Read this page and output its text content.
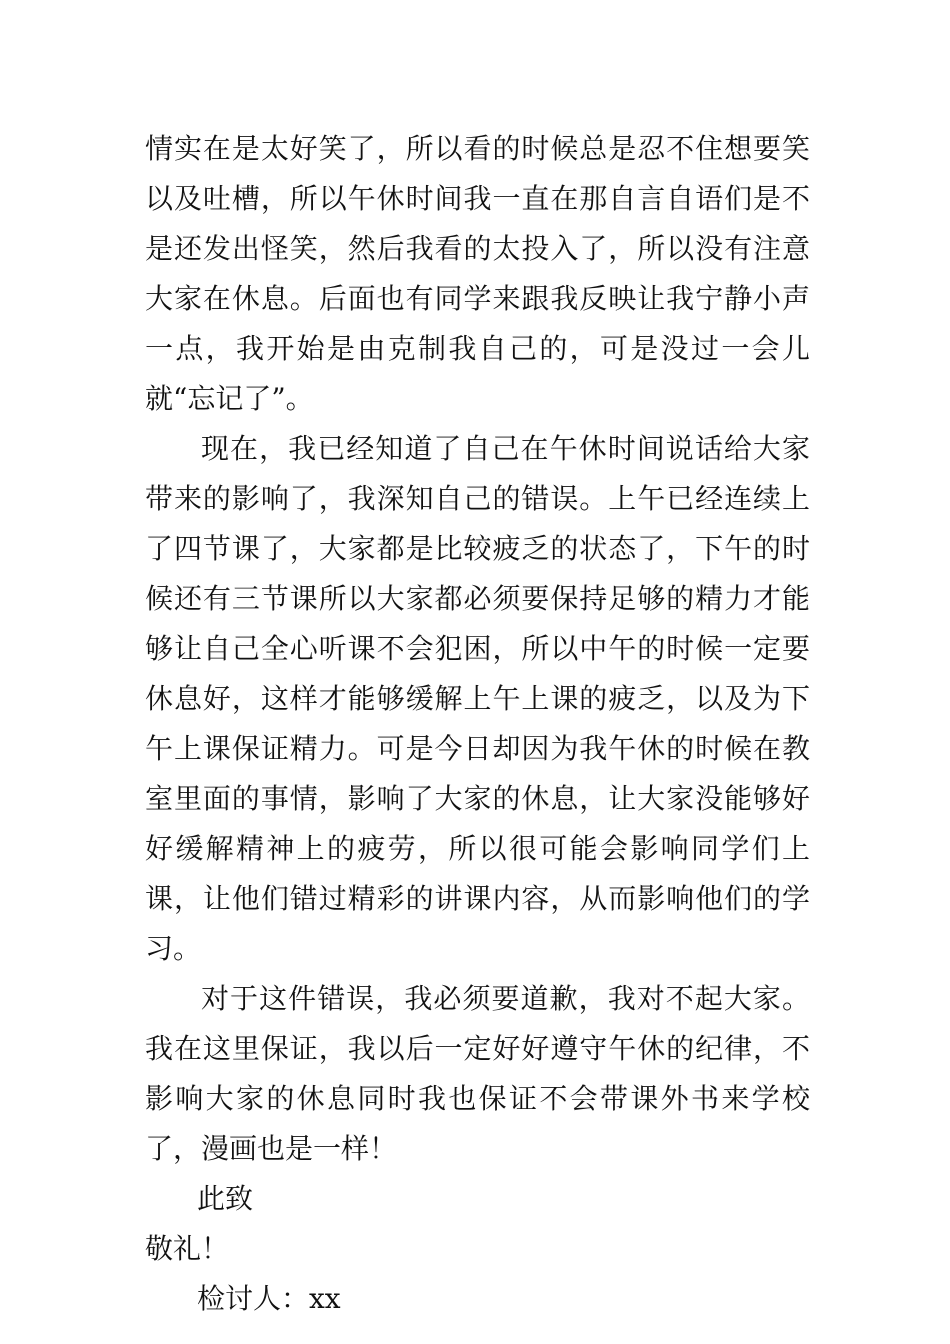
情实在是太好笑了，所以看的时候总是忍不住想要笑以及吐槽，所以午休时间我一直在那自言自语们是不是还发出怪笑，然后我看的太投入了，所以没有注意大家在休息。后面也有同学来跟我反映让我宁静小声一点，我开始是由克制我自己的，可是没过一会儿就“忘记了”。

现在，我已经知道了自己在午休时间说话给大家带来的影响了，我深知自己的错误。上午已经连续上了四节课了，大家都是比较疲乏的状态了，下午的时候还有三节课所以大家都必须要保持足够的精力才能够让自己全心听课不会犯困，所以中午的时候一定要休息好，这样才能够缓解上午上课的疲乏，以及为下午上课保证精力。可是今日却因为我午休的时候在教室里面的事情，影响了大家的休息，让大家没能够好好缓解精神上的疲劳，所以很可能会影响同学们上课，让他们错过精彩的讲课内容，从而影响他们的学习。

对于这件错误，我必须要道歉，我对不起大家。我在这里保证，我以后一定好好遵守午休的纪律，不影响大家的休息同时我也保证不会带课外书来学校了，漫画也是一样！

此致

敬礼！

检讨人：xx
